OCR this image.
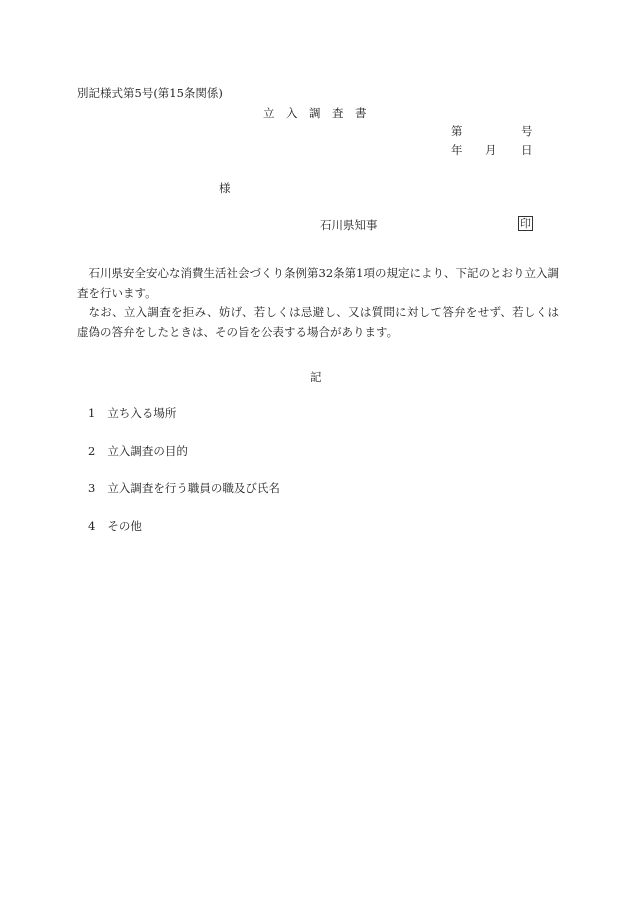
別記様式第5号(第15条関係)
立　入　調　査　書
第	号
年 月 日
様
石川県知事	印

石川県安全安心な消費生活社会づくり条例第32条第1項の規定により、下記のとおり立入調査を行います。

なお、立入調査を拒み、妨げ、若しくは忌避し、又は質問に対して答弁をせず、若しくは虚偽の答弁をしたときは、その旨を公表する場合があります。

記
1 立ち入る場所
2 立入調査の目的
3 立入調査を行う職員の職及び氏名
4 その他
